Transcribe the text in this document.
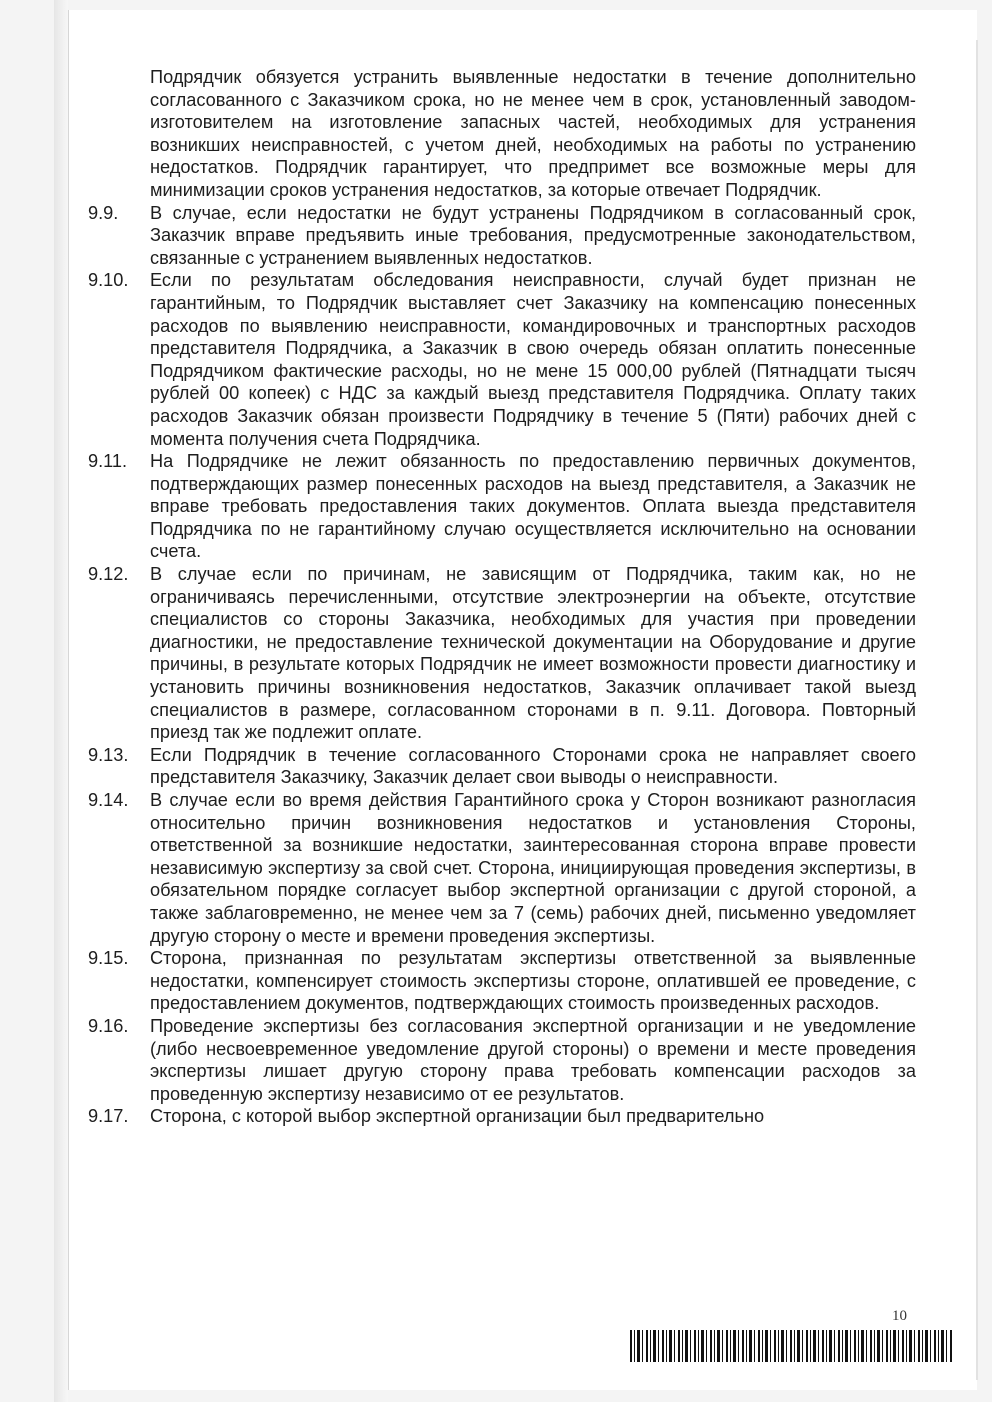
Подрядчик обязуется устранить выявленные недостатки в течение дополнительно согласованного с Заказчиком срока, но не менее чем в срок, установленный заводом-изготовителем на изготовление запасных частей, необходимых для устранения возникших неисправностей, с учетом дней, необходимых на работы по устранению недостатков. Подрядчик гарантирует, что предпримет все возможные меры для минимизации сроков устранения недостатков, за которые отвечает Подрядчик.
9.9.	В случае, если недостатки не будут устранены Подрядчиком в согласованный срок, Заказчик вправе предъявить иные требования, предусмотренные законодательством, связанные с устранением выявленных недостатков.
9.10.	Если по результатам обследования неисправности, случай будет признан не гарантийным, то Подрядчик выставляет счет Заказчику на компенсацию понесенных расходов по выявлению неисправности, командировочных и транспортных расходов представителя Подрядчика, а Заказчик в свою очередь обязан оплатить понесенные Подрядчиком фактические расходы, но не мене 15 000,00 рублей (Пятнадцати тысяч рублей 00 копеек) с НДС за каждый выезд представителя Подрядчика. Оплату таких расходов Заказчик обязан произвести Подрядчику в течение 5 (Пяти) рабочих дней с момента получения счета Подрядчика.
9.11.	На Подрядчике не лежит обязанность по предоставлению первичных документов, подтверждающих размер понесенных расходов на выезд представителя, а Заказчик не вправе требовать предоставления таких документов. Оплата выезда представителя Подрядчика по не гарантийному случаю осуществляется исключительно на основании счета.
9.12.	В случае если по причинам, не зависящим от Подрядчика, таким как, но не ограничиваясь перечисленными, отсутствие электроэнергии на объекте, отсутствие специалистов со стороны Заказчика, необходимых для участия при проведении диагностики, не предоставление технической документации на Оборудование и другие причины, в результате которых Подрядчик не имеет возможности провести диагностику и установить причины возникновения недостатков, Заказчик оплачивает такой выезд специалистов в размере, согласованном сторонами в п. 9.11. Договора. Повторный приезд так же подлежит оплате.
9.13.	Если Подрядчик в течение согласованного Сторонами срока не направляет своего представителя Заказчику, Заказчик делает свои выводы о неисправности.
9.14.	В случае если во время действия Гарантийного срока у Сторон возникают разногласия относительно причин возникновения недостатков и установления Стороны, ответственной за возникшие недостатки, заинтересованная сторона вправе провести независимую экспертизу за свой счет. Сторона, инициирующая проведения экспертизы, в обязательном порядке согласует выбор экспертной организации с другой стороной, а также заблаговременно, не менее чем за 7 (семь) рабочих дней, письменно уведомляет другую сторону о месте и времени проведения экспертизы.
9.15.	Сторона, признанная по результатам экспертизы ответственной за выявленные недостатки, компенсирует стоимость экспертизы стороне, оплатившей ее проведение, с предоставлением документов, подтверждающих стоимость произведенных расходов.
9.16.	Проведение экспертизы без согласования экспертной организации и не уведомление (либо несвоевременное уведомление другой стороны) о времени и месте проведения экспертизы лишает другую сторону права требовать компенсации расходов за проведенную экспертизу независимо от ее результатов.
9.17.	Сторона, с которой выбор экспертной организации был предварительно
10
